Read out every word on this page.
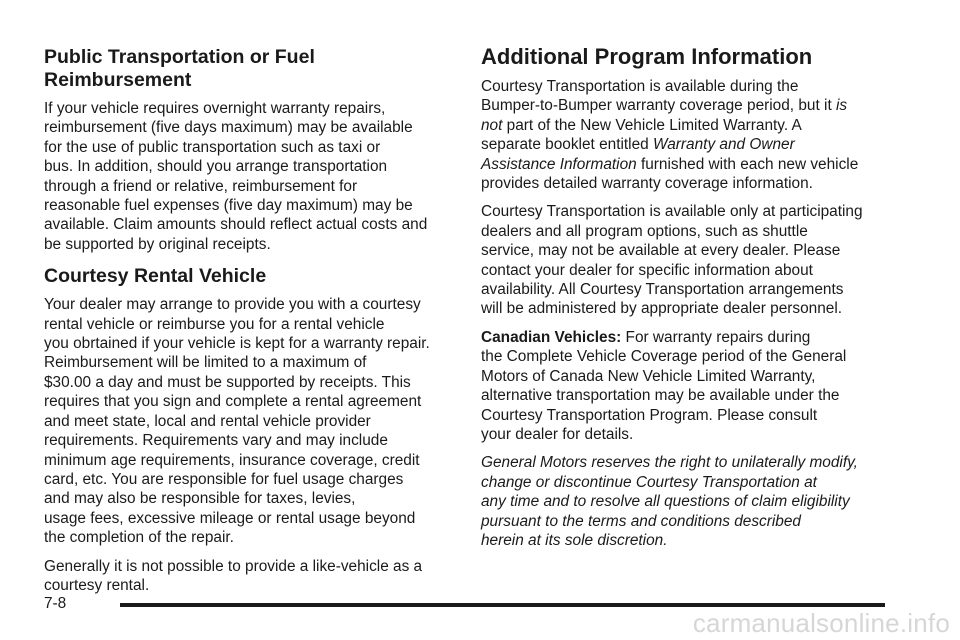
Public Transportation or Fuel
Reimbursement

If your vehicle requires overnight warranty repairs,
reimbursement (five days maximum) may be available
for the use of public transportation such as taxi or
bus. In addition, should you arrange transportation
through a friend or relative, reimbursement for
reasonable fuel expenses (five day maximum) may be
available. Claim amounts should reflect actual costs and
be supported by original receipts.

Courtesy Rental Vehicle

Your dealer may arrange to provide you with a courtesy
rental vehicle or reimburse you for a rental vehicle
you obrtained if your vehicle is kept for a warranty repair.
Reimbursement will be limited to a maximum of
$30.00 a day and must be supported by receipts. This
requires that you sign and complete a rental agreement
and meet state, local and rental vehicle provider
requirements. Requirements vary and may include
minimum age requirements, insurance coverage, credit
card, etc. You are responsible for fuel usage charges
and may also be responsible for taxes, levies,
usage fees, excessive mileage or rental usage beyond
the completion of the repair.

Generally it is not possible to provide a like-vehicle as a
courtesy rental.

Additional Program Information

Courtesy Transportation is available during the
Bumper-to-Bumper warranty coverage period, but it is
not part of the New Vehicle Limited Warranty. A
separate booklet entitled Warranty and Owner
Assistance Information furnished with each new vehicle
provides detailed warranty coverage information.

Courtesy Transportation is available only at participating
dealers and all program options, such as shuttle
service, may not be available at every dealer. Please
contact your dealer for specific information about
availability. All Courtesy Transportation arrangements
will be administered by appropriate dealer personnel.

Canadian Vehicles: For warranty repairs during
the Complete Vehicle Coverage period of the General
Motors of Canada New Vehicle Limited Warranty,
alternative transportation may be available under the
Courtesy Transportation Program. Please consult
your dealer for details.

General Motors reserves the right to unilaterally modify,
change or discontinue Courtesy Transportation at
any time and to resolve all questions of claim eligibility
pursuant to the terms and conditions described
herein at its sole discretion.

7-8
carmanualsonline.info
